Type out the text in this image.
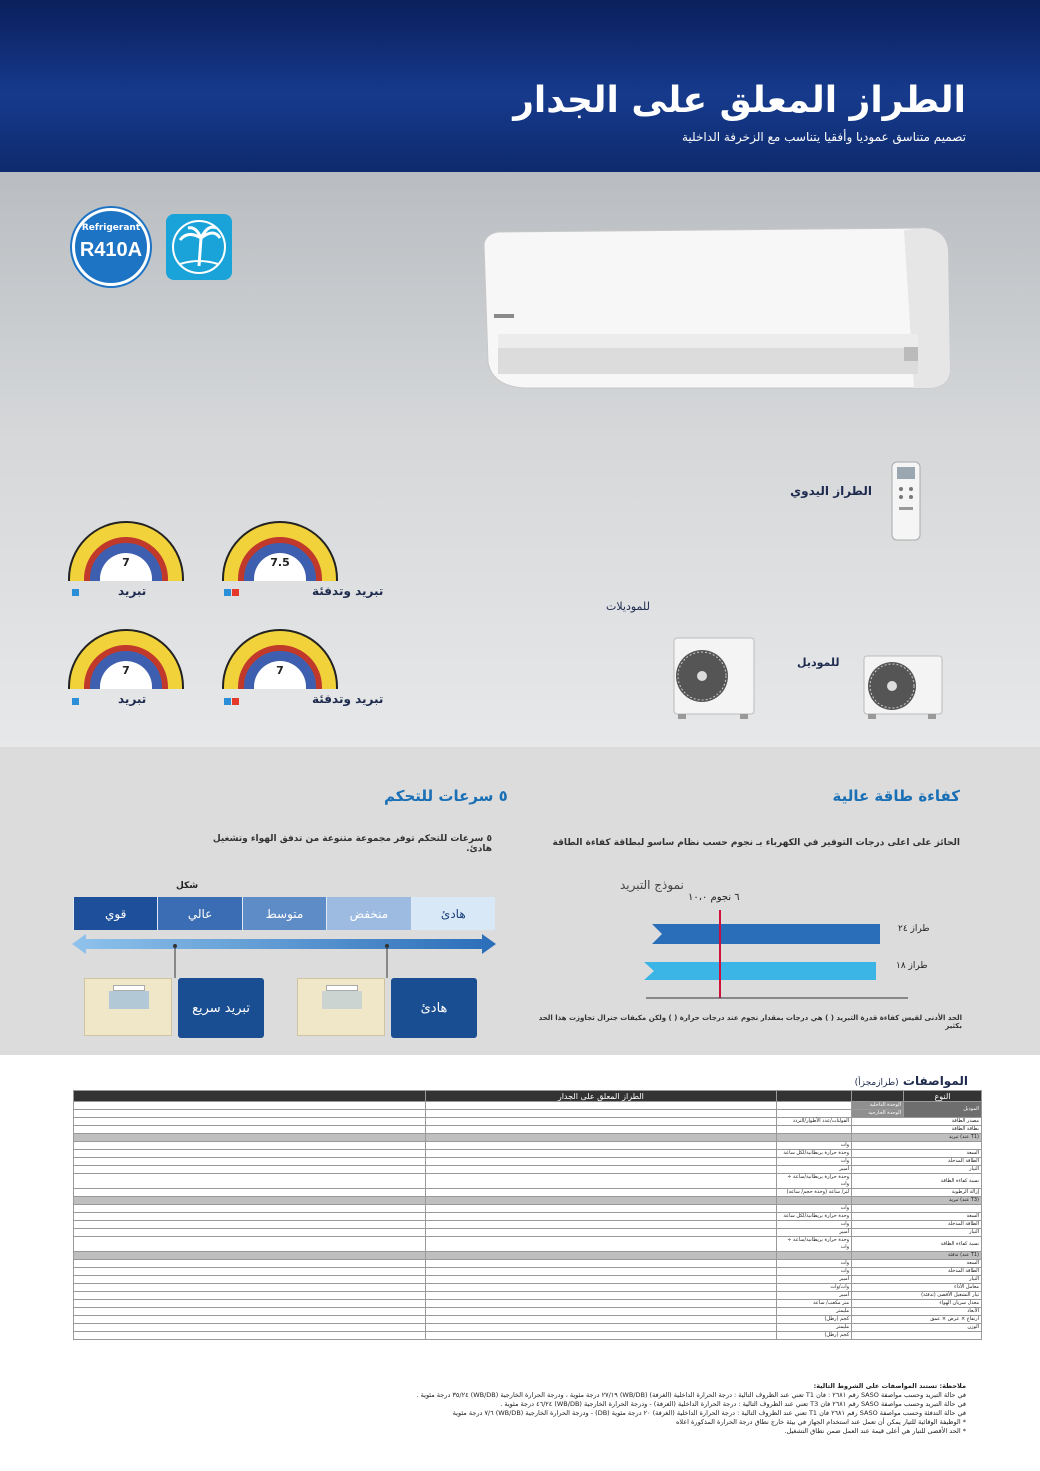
الطراز المعلق على الجدار
تصميم متناسق عموديا وأفقيا يتناسب مع الزخرفة الداخلية
Refrigerant
R410A
الطراز اليدوي
7	7.5
7	7
تبريد	تبريد وتدفئة
تبريد	تبريد وتدفئة
للموديلات
للموديل
كفاءة طاقة عالية
الحائز على اعلى درجات التوفير في الكهرباء بـ نجوم حسب نظام ساسو لبطاقة كفاءة الطاقة
نموذج التبريد
٦ نجوم ١٠،٠
طراز ٢٤
طراز ١٨
الحد الأدنى لقيس كفاءة قدرة التبريد ( ) هي درجات بمقدار نجوم عند درجات حرارة ( ) ولكن مكيفات جنرال تجاوزت هذا الحد بكثير
٥ سرعات للتحكم
٥ سرعات للتحكم توفر مجموعة متنوعة من تدفق الهواء وتشغيل هادئ.
شكل
هادئ
منخفض
متوسط
عالي
قوي
تبريد سريع	هادئ
المواصفات (طرازمجزأ)
	الطراز المعلق على الجدار			النوع
			الوحدة الداخلية	الموديل
			الوحدة الخارجية	
		الفولتات/عدد الأطوار/التردد	مصدر الطاقة	
			بطاقة الطاقة	
			تبريد (عند T1)	
		وات		
		وحدة حرارة بريطانية/لكل ساعة	السعة	
		وات	الطاقة المدخلة	
		أمبير	التيار	
		وحدة حرارة بريطانية/ساعة ÷ وات	نسبة كفاءة الطاقة	
		لتر/ ساعة (وحدة حجم/ ساعة)	إزالة الرطوبة	
			تبريد (عند T3)	
		وات		
		وحدة حرارة بريطانية/لكل ساعة	السعة	
		وات	الطاقة المدخلة	
		أمبير	التيار	
		وحدة حرارة بريطانية/ساعة ÷ وات	نسبة كفاءة الطاقة	
			تدفئة (عند T1)	
		وات	السعة	
		وات	الطاقة المدخلة	
		أمبير	التيار	
		وات/وات	معامل الأداء	
		أمبير	تيار التشغيل الأقصى (تدفئة)	
		متر مكعب/ ساعة	معدل سريان الهواء	
		مليمتر	الأبعاد	
		كجم (رطل)	ارتفاع × عرض × عمق	
		مليمتر	الوزن	
		كجم (رطل)		
ملاحظة: تستند المواصفات على الشروط التالية:
في حالة التبريد وحسب مواصفة SASO رقم ٢٦٨١ : فان T1 تعني عند الظروف التالية : درجة الحرارة الداخلية (الغرفة) (WB/DB) ٢٧/١٩ درجة مئوية ، ودرجة الحرارة الخارجية (WB/DB) ٣٥/٢٤ درجة مئوية .
في حالة التبريد وحسب مواصفة SASO رقم ٢٦٨١ فان T3 تعني عند الظروف التالية : درجة الحرارة الداخلية (الغرفة) - ودرجة الحرارة الخارجية (WB/DB) ٤٦/٢٤ درجة مئوية .
في حالة التدفئة وحسب مواصفة SASO رقم ٢٦٨١ فان T1 تعني عند الظروف التالية : درجة الحرارة الداخلية (الغرفة) ٢٠ درجة مئوية (DB) - ودرجة الحرارة الخارجية (WB/DB) ٧/٦ درجة مئوية
* الوظيفة الوقائية للتيار يمكن أن تعمل عند استخدام الجهاز في بيئة خارج نطاق درجة الحرارة المذكورة اعلاه
* الحد الأقصى للتيار هي أعلى قيمة عند العمل ضمن نطاق التشغيل.
